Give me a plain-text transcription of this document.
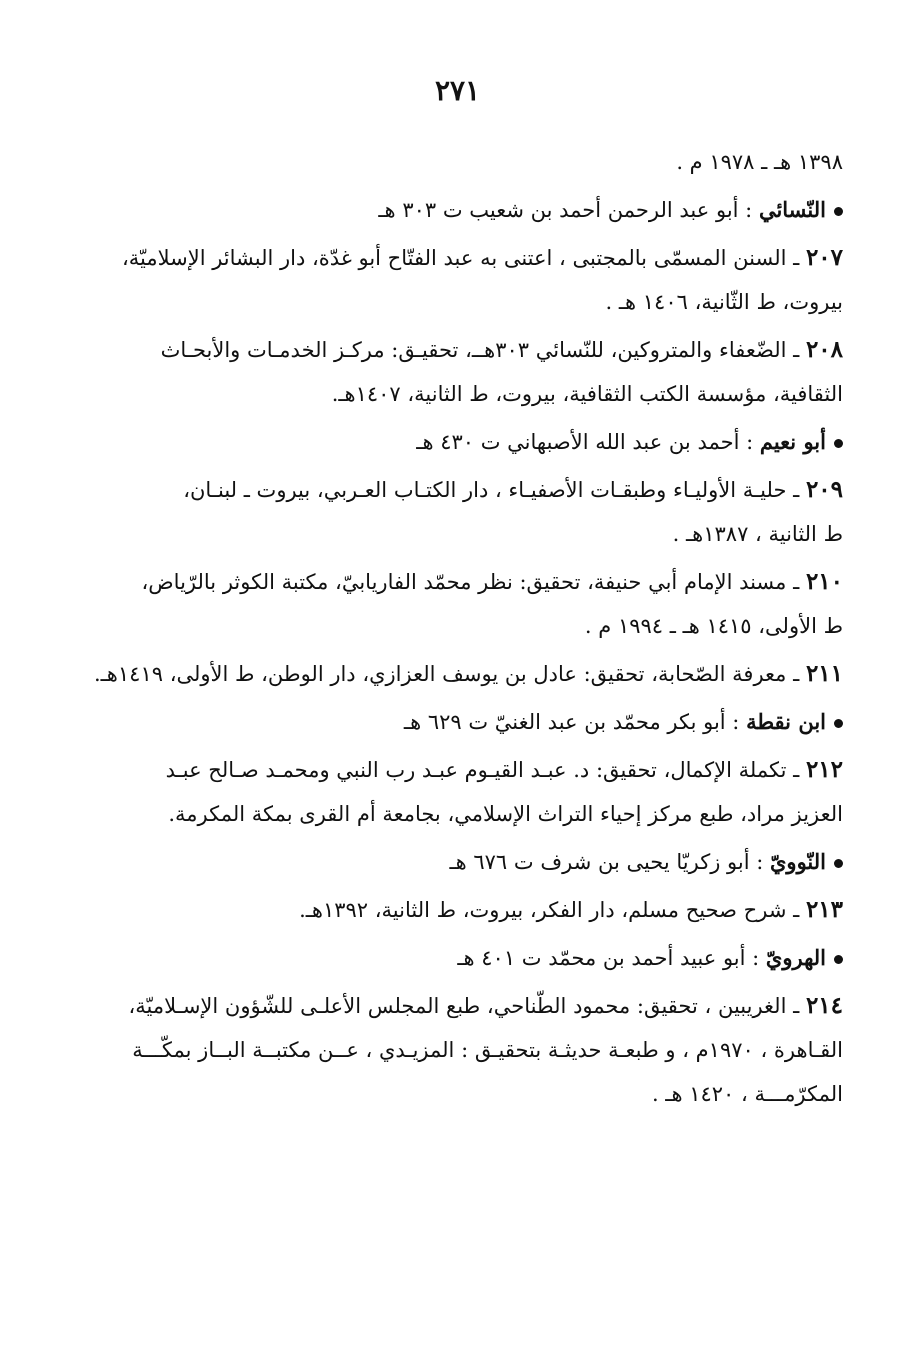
٢٧١
١٣٩٨ هـ ـ ١٩٧٨ م .
النّسائي : أبو عبد الرحمن أحمد بن شعيب ت ٣٠٣ هـ
٢٠٧ ـ السنن المسمّى بالمجتبى ، اعتنى به عبد الفتّاح أبو غدّة، دار البشائر الإسلاميّة،
بيروت، ط الثّانية، ١٤٠٦ هـ .
٢٠٨ ـ الضّعفاء والمتروكين، للنّسائي ٣٠٣هــ، تحقيـق: مركـز الخدمـات والأبحـاث
الثقافية، مؤسسة الكتب الثقافية، بيروت، ط الثانية، ١٤٠٧هـ.
أبو نعيم : أحمد بن عبد الله الأصبهاني ت ٤٣٠ هـ
٢٠٩ ـ حليـة الأوليـاء وطبقـات الأصفيـاء ، دار الكتـاب العـربي، بيروت ـ لبنـان،
ط الثانية ، ١٣٨٧هـ .
٢١٠ ـ مسند الإمام أبي حنيفة، تحقيق: نظر محمّد الفاريابيّ، مكتبة الكوثر بالرّياض،
ط الأولى، ١٤١٥ هـ ـ ١٩٩٤ م .
٢١١ ـ معرفة الصّحابة، تحقيق: عادل بن يوسف العزازي، دار الوطن، ط الأولى، ١٤١٩هـ.
ابن نقطة : أبو بكر محمّد بن عبد الغنيّ ت ٦٢٩ هـ
٢١٢ ـ تكملة الإكمال، تحقيق: د. عبـد القيـوم عبـد رب النبي ومحمـد صـالح عبـد
العزيز مراد، طبع مركز إحياء التراث الإسلامي، بجامعة أم القرى بمكة المكرمة.
النّوويّ : أبو زكريّا يحيى بن شرف ت ٦٧٦ هـ
٢١٣ ـ شرح صحيح مسلم، دار الفكر، بيروت، ط الثانية، ١٣٩٢هـ.
الهرويّ : أبو عبيد أحمد بن محمّد ت ٤٠١ هـ
٢١٤ ـ الغريبين ، تحقيق: محمود الطّناحي، طبع المجلس الأعلـى للشّؤون الإسـلاميّة،
القـاهرة ، ١٩٧٠م ، و طبعـة حديثـة بتحقيـق : المزيـدي ، عــن مكتبــة البــاز بمكّـــة
المكرّمـــة ، ١٤٢٠ هـ .
